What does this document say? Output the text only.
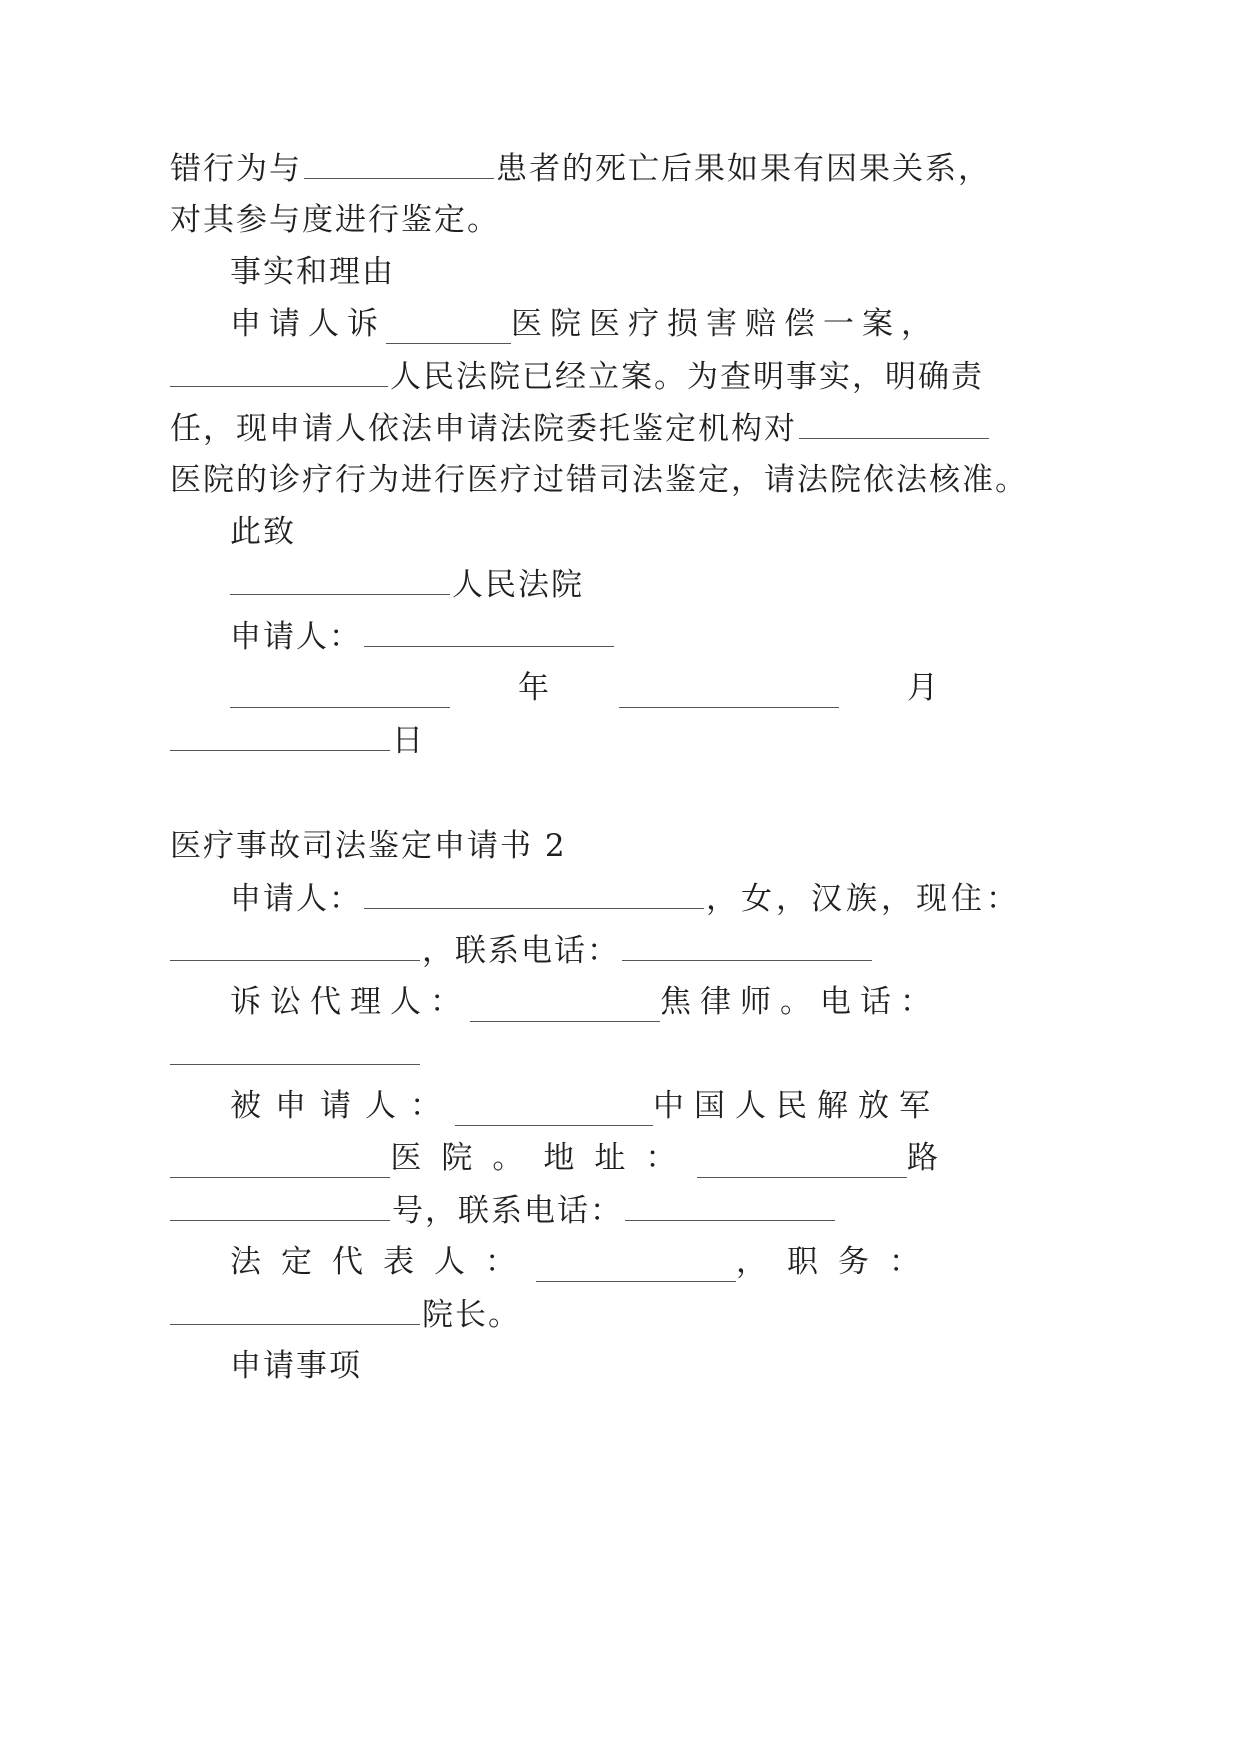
错行为与	患者的死亡后果如果有因果关系，
对其参与度进行鉴定。
事实和理由
申请人诉	医院医疗损害赔偿一案，
人民法院已经立案。为查明事实，明确责
任，现申请人依法申请法院委托鉴定机构对
医院的诊疗行为进行医疗过错司法鉴定，请法院依法核准。
此致
人民法院
申请人：
年	月
日
医疗事故司法鉴定申请书 2
申请人：	，女，汉族，现住：
，联系电话：
诉讼代理人：	焦律师。电话：
被申请人：	中国人民解放军
医院。地址：	路
号，联系电话：
法定代表人：	，职务：
院长。
申请事项
